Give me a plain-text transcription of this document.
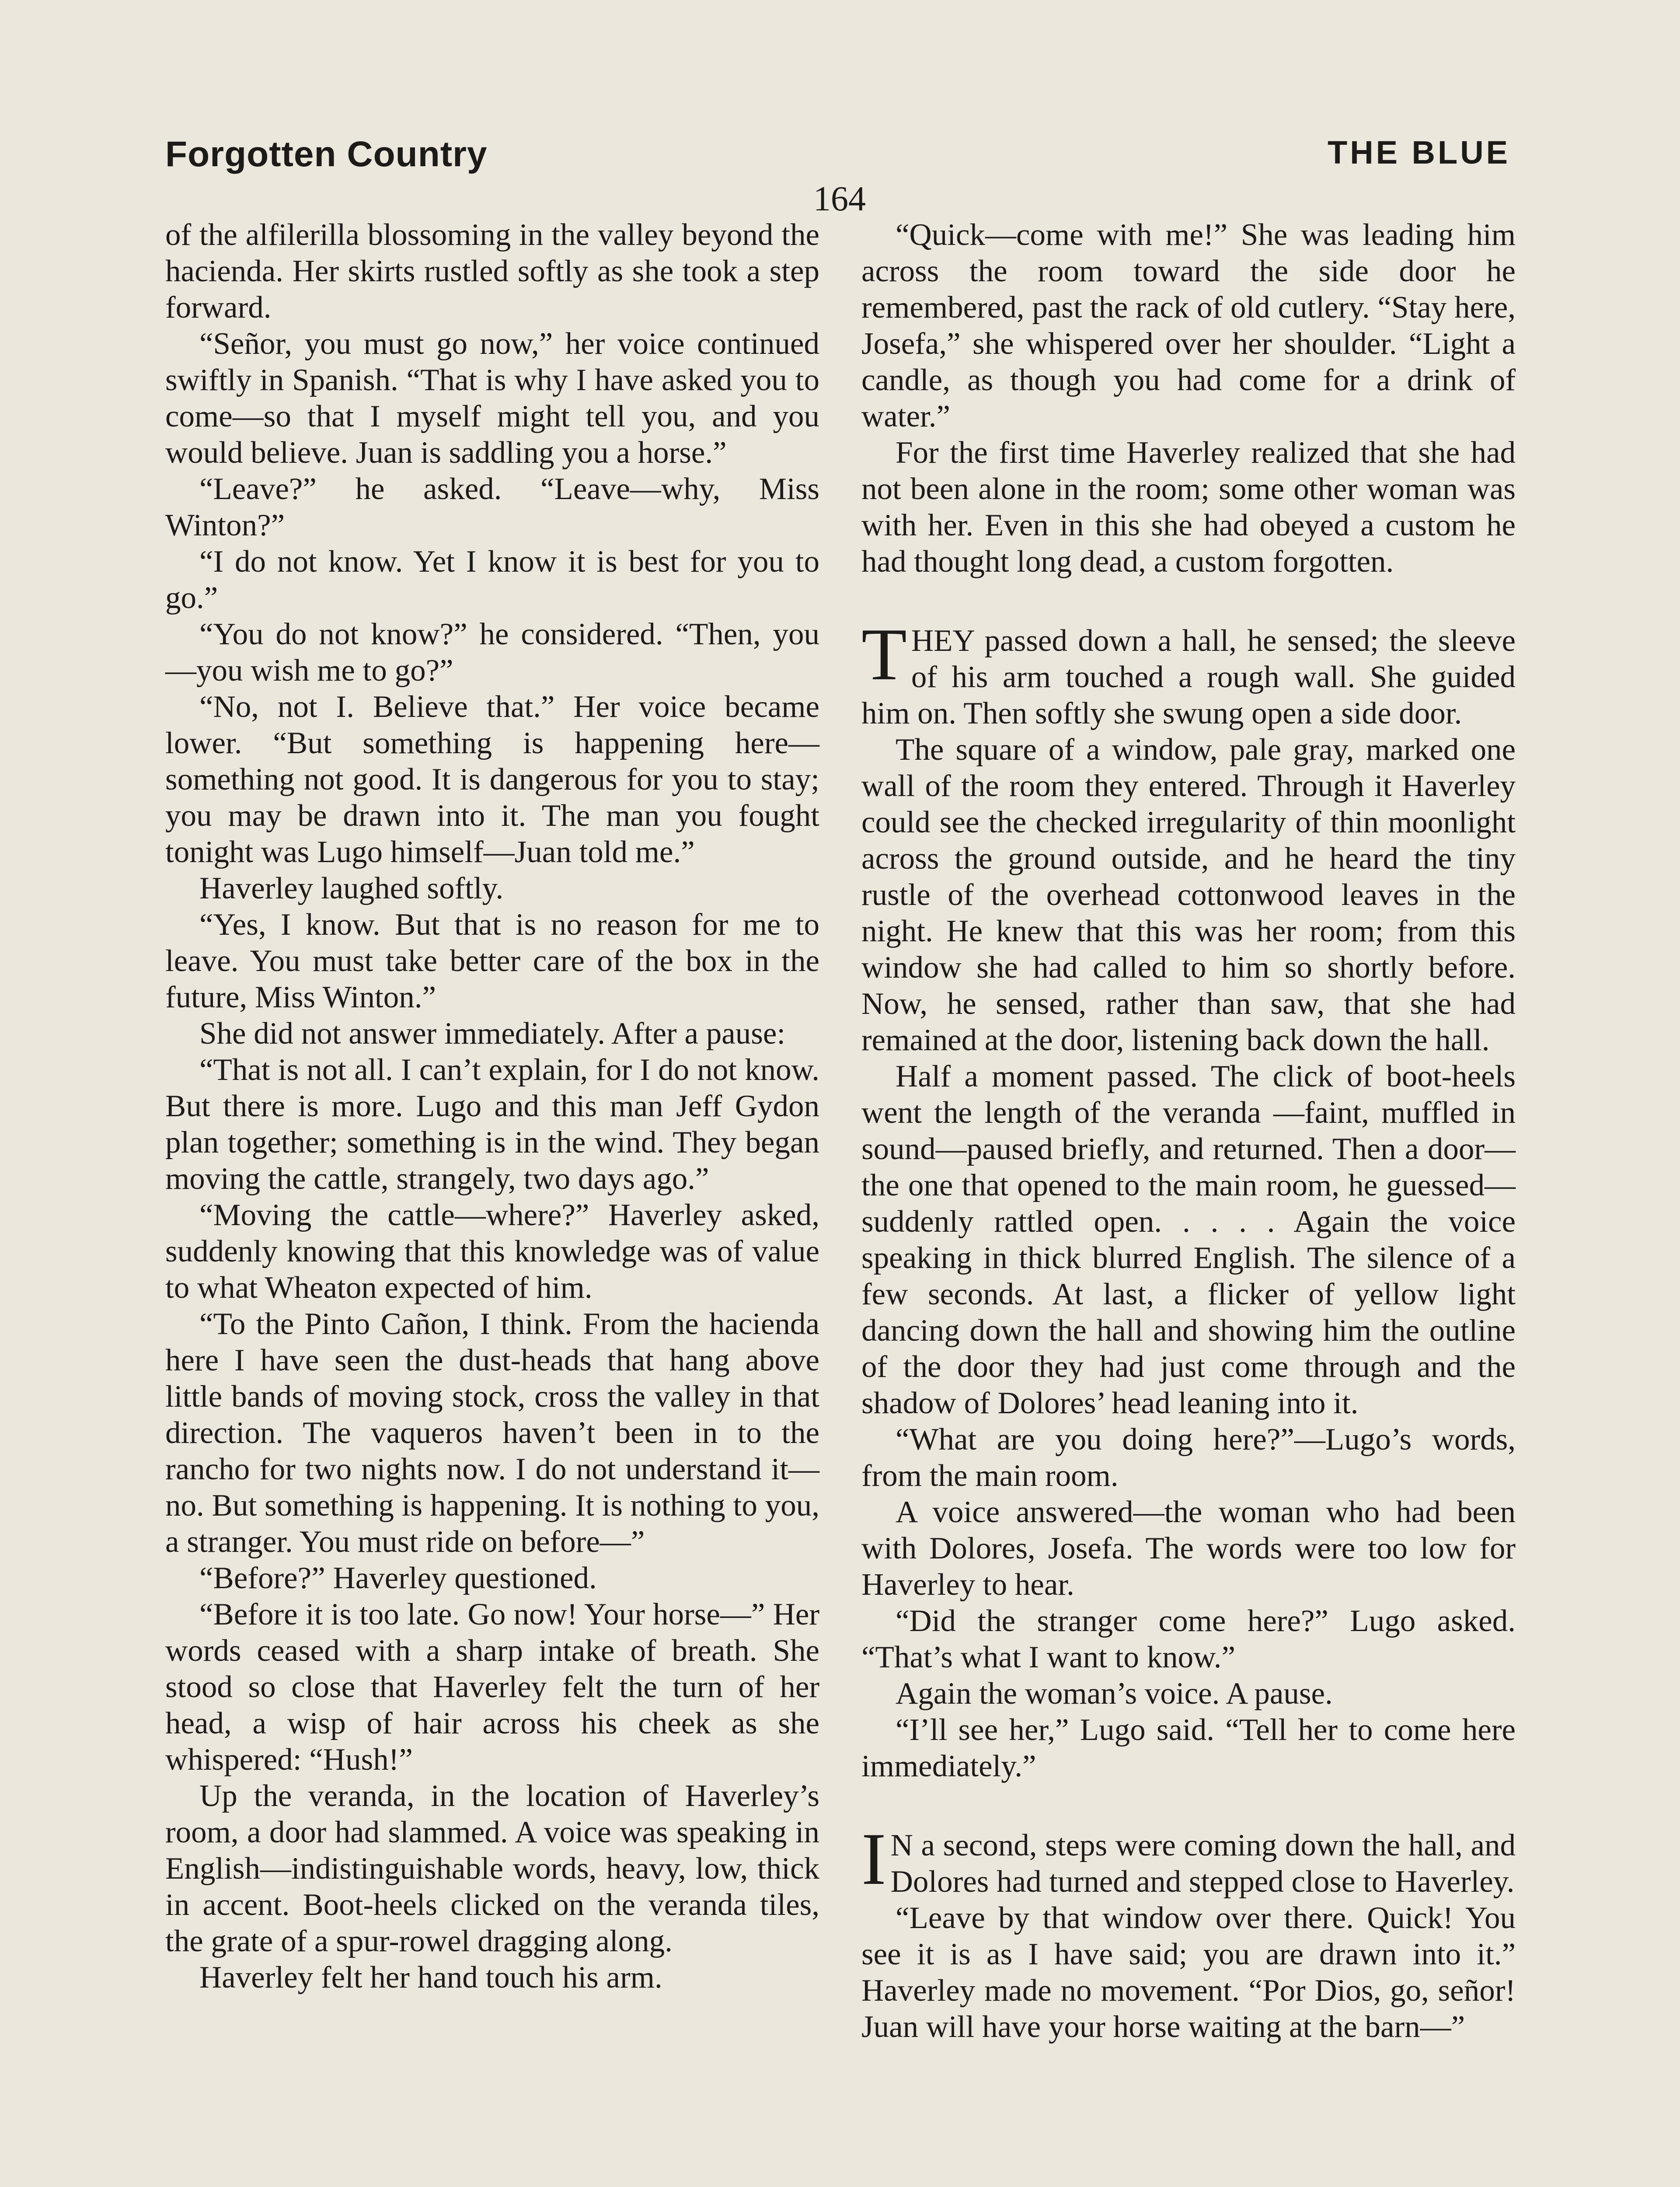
Forgotten Country	THE BLUE
164

of the alfilerilla blossoming in the valley beyond the hacienda. Her skirts rustled softly as she took a step forward.

“Señor, you must go now,” her voice continued swiftly in Spanish. “That is why I have asked you to come—so that I myself might tell you, and you would believe. Juan is saddling you a horse.”

“Leave?” he asked. “Leave—why, Miss Winton?”

“I do not know. Yet I know it is best for you to go.”

“You do not know?” he considered. “Then, you—you wish me to go?”

“No, not I. Believe that.” Her voice became lower. “But something is happening here—something not good. It is dangerous for you to stay; you may be drawn into it. The man you fought tonight was Lugo himself—Juan told me.”

Haverley laughed softly.

“Yes, I know. But that is no reason for me to leave. You must take better care of the box in the future, Miss Winton.”

She did not answer immediately. After a pause:

“That is not all. I can’t explain, for I do not know. But there is more. Lugo and this man Jeff Gydon plan together; something is in the wind. They began moving the cattle, strangely, two days ago.”

“Moving the cattle—where?” Haverley asked, suddenly knowing that this knowledge was of value to what Wheaton expected of him.

“To the Pinto Cañon, I think. From the hacienda here I have seen the dust-heads that hang above little bands of moving stock, cross the valley in that direction. The vaqueros haven’t been in to the rancho for two nights now. I do not understand it—no. But something is happening. It is nothing to you, a stranger. You must ride on before—”

“Before?” Haverley questioned.

“Before it is too late. Go now! Your horse—” Her words ceased with a sharp intake of breath. She stood so close that Haverley felt the turn of her head, a wisp of hair across his cheek as she whispered: “Hush!”

Up the veranda, in the location of Haverley’s room, a door had slammed. A voice was speaking in English—indistinguishable words, heavy, low, thick in accent. Boot-heels clicked on the veranda tiles, the grate of a spur-rowel dragging along.

Haverley felt her hand touch his arm.

“Quick—come with me!” She was leading him across the room toward the side door he remembered, past the rack of old cutlery. “Stay here, Josefa,” she whispered over her shoulder. “Light a candle, as though you had come for a drink of water.”

For the first time Haverley realized that she had not been alone in the room; some other woman was with her. Even in this she had obeyed a custom he had thought long dead, a custom forgotten.

THEY passed down a hall, he sensed; the sleeve of his arm touched a rough wall. She guided him on. Then softly she swung open a side door.

The square of a window, pale gray, marked one wall of the room they entered. Through it Haverley could see the checked irregularity of thin moonlight across the ground outside, and he heard the tiny rustle of the overhead cottonwood leaves in the night. He knew that this was her room; from this window she had called to him so shortly before. Now, he sensed, rather than saw, that she had remained at the door, listening back down the hall.

Half a moment passed. The click of boot-heels went the length of the veranda —faint, muffled in sound—paused briefly, and returned. Then a door—the one that opened to the main room, he guessed—suddenly rattled open. . . . . Again the voice speaking in thick blurred English. The silence of a few seconds. At last, a flicker of yellow light dancing down the hall and showing him the outline of the door they had just come through and the shadow of Dolores’ head leaning into it.

“What are you doing here?”—Lugo’s words, from the main room.

A voice answered—the woman who had been with Dolores, Josefa. The words were too low for Haverley to hear.

“Did the stranger come here?” Lugo asked. “That’s what I want to know.”

Again the woman’s voice. A pause.

“I’ll see her,” Lugo said. “Tell her to come here immediately.”

I N a second, steps were coming down the hall, and Dolores had turned and stepped close to Haverley.

“Leave by that window over there. Quick! You see it is as I have said; you are drawn into it.” Haverley made no movement. “Por Dios, go, señor! Juan will have your horse waiting at the barn—”
